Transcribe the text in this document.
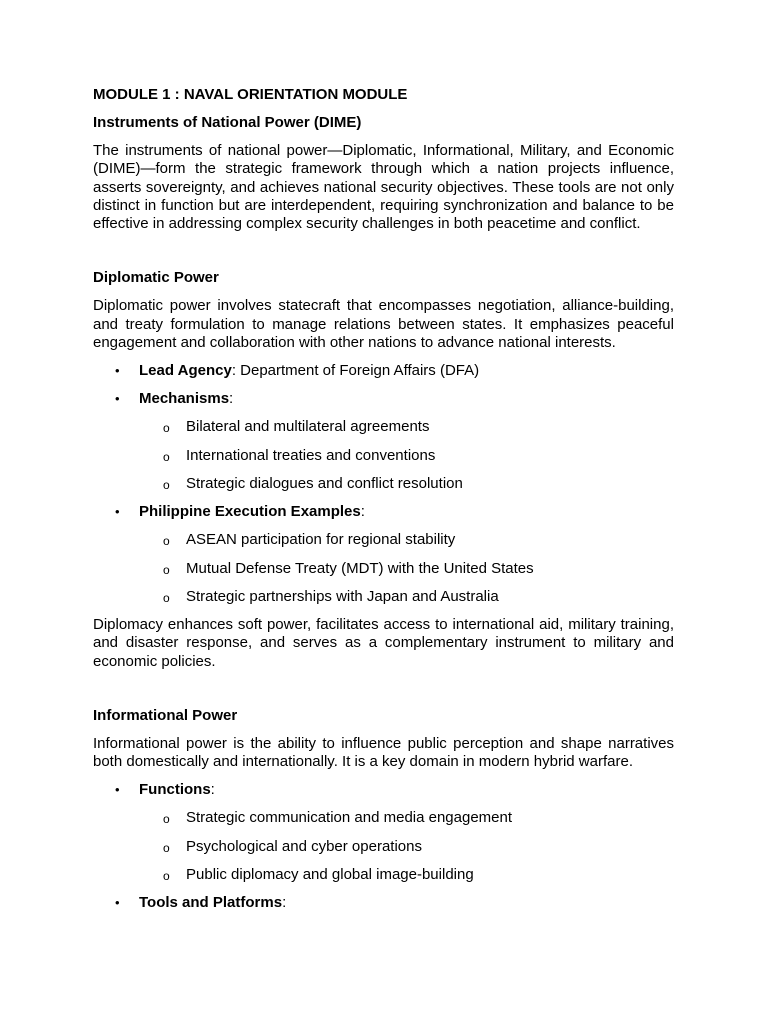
MODULE 1 : NAVAL ORIENTATION MODULE
Instruments of National Power (DIME)
The instruments of national power—Diplomatic, Informational, Military, and Economic (DIME)—form the strategic framework through which a nation projects influence, asserts sovereignty, and achieves national security objectives. These tools are not only distinct in function but are interdependent, requiring synchronization and balance to be effective in addressing complex security challenges in both peacetime and conflict.
Diplomatic Power
Diplomatic power involves statecraft that encompasses negotiation, alliance-building, and treaty formulation to manage relations between states. It emphasizes peaceful engagement and collaboration with other nations to advance national interests.
• Lead Agency: Department of Foreign Affairs (DFA)
• Mechanisms:
o Bilateral and multilateral agreements
o International treaties and conventions
o Strategic dialogues and conflict resolution
• Philippine Execution Examples:
o ASEAN participation for regional stability
o Mutual Defense Treaty (MDT) with the United States
o Strategic partnerships with Japan and Australia
Diplomacy enhances soft power, facilitates access to international aid, military training, and disaster response, and serves as a complementary instrument to military and economic policies.
Informational Power
Informational power is the ability to influence public perception and shape narratives both domestically and internationally. It is a key domain in modern hybrid warfare.
• Functions:
o Strategic communication and media engagement
o Psychological and cyber operations
o Public diplomacy and global image-building
• Tools and Platforms:
